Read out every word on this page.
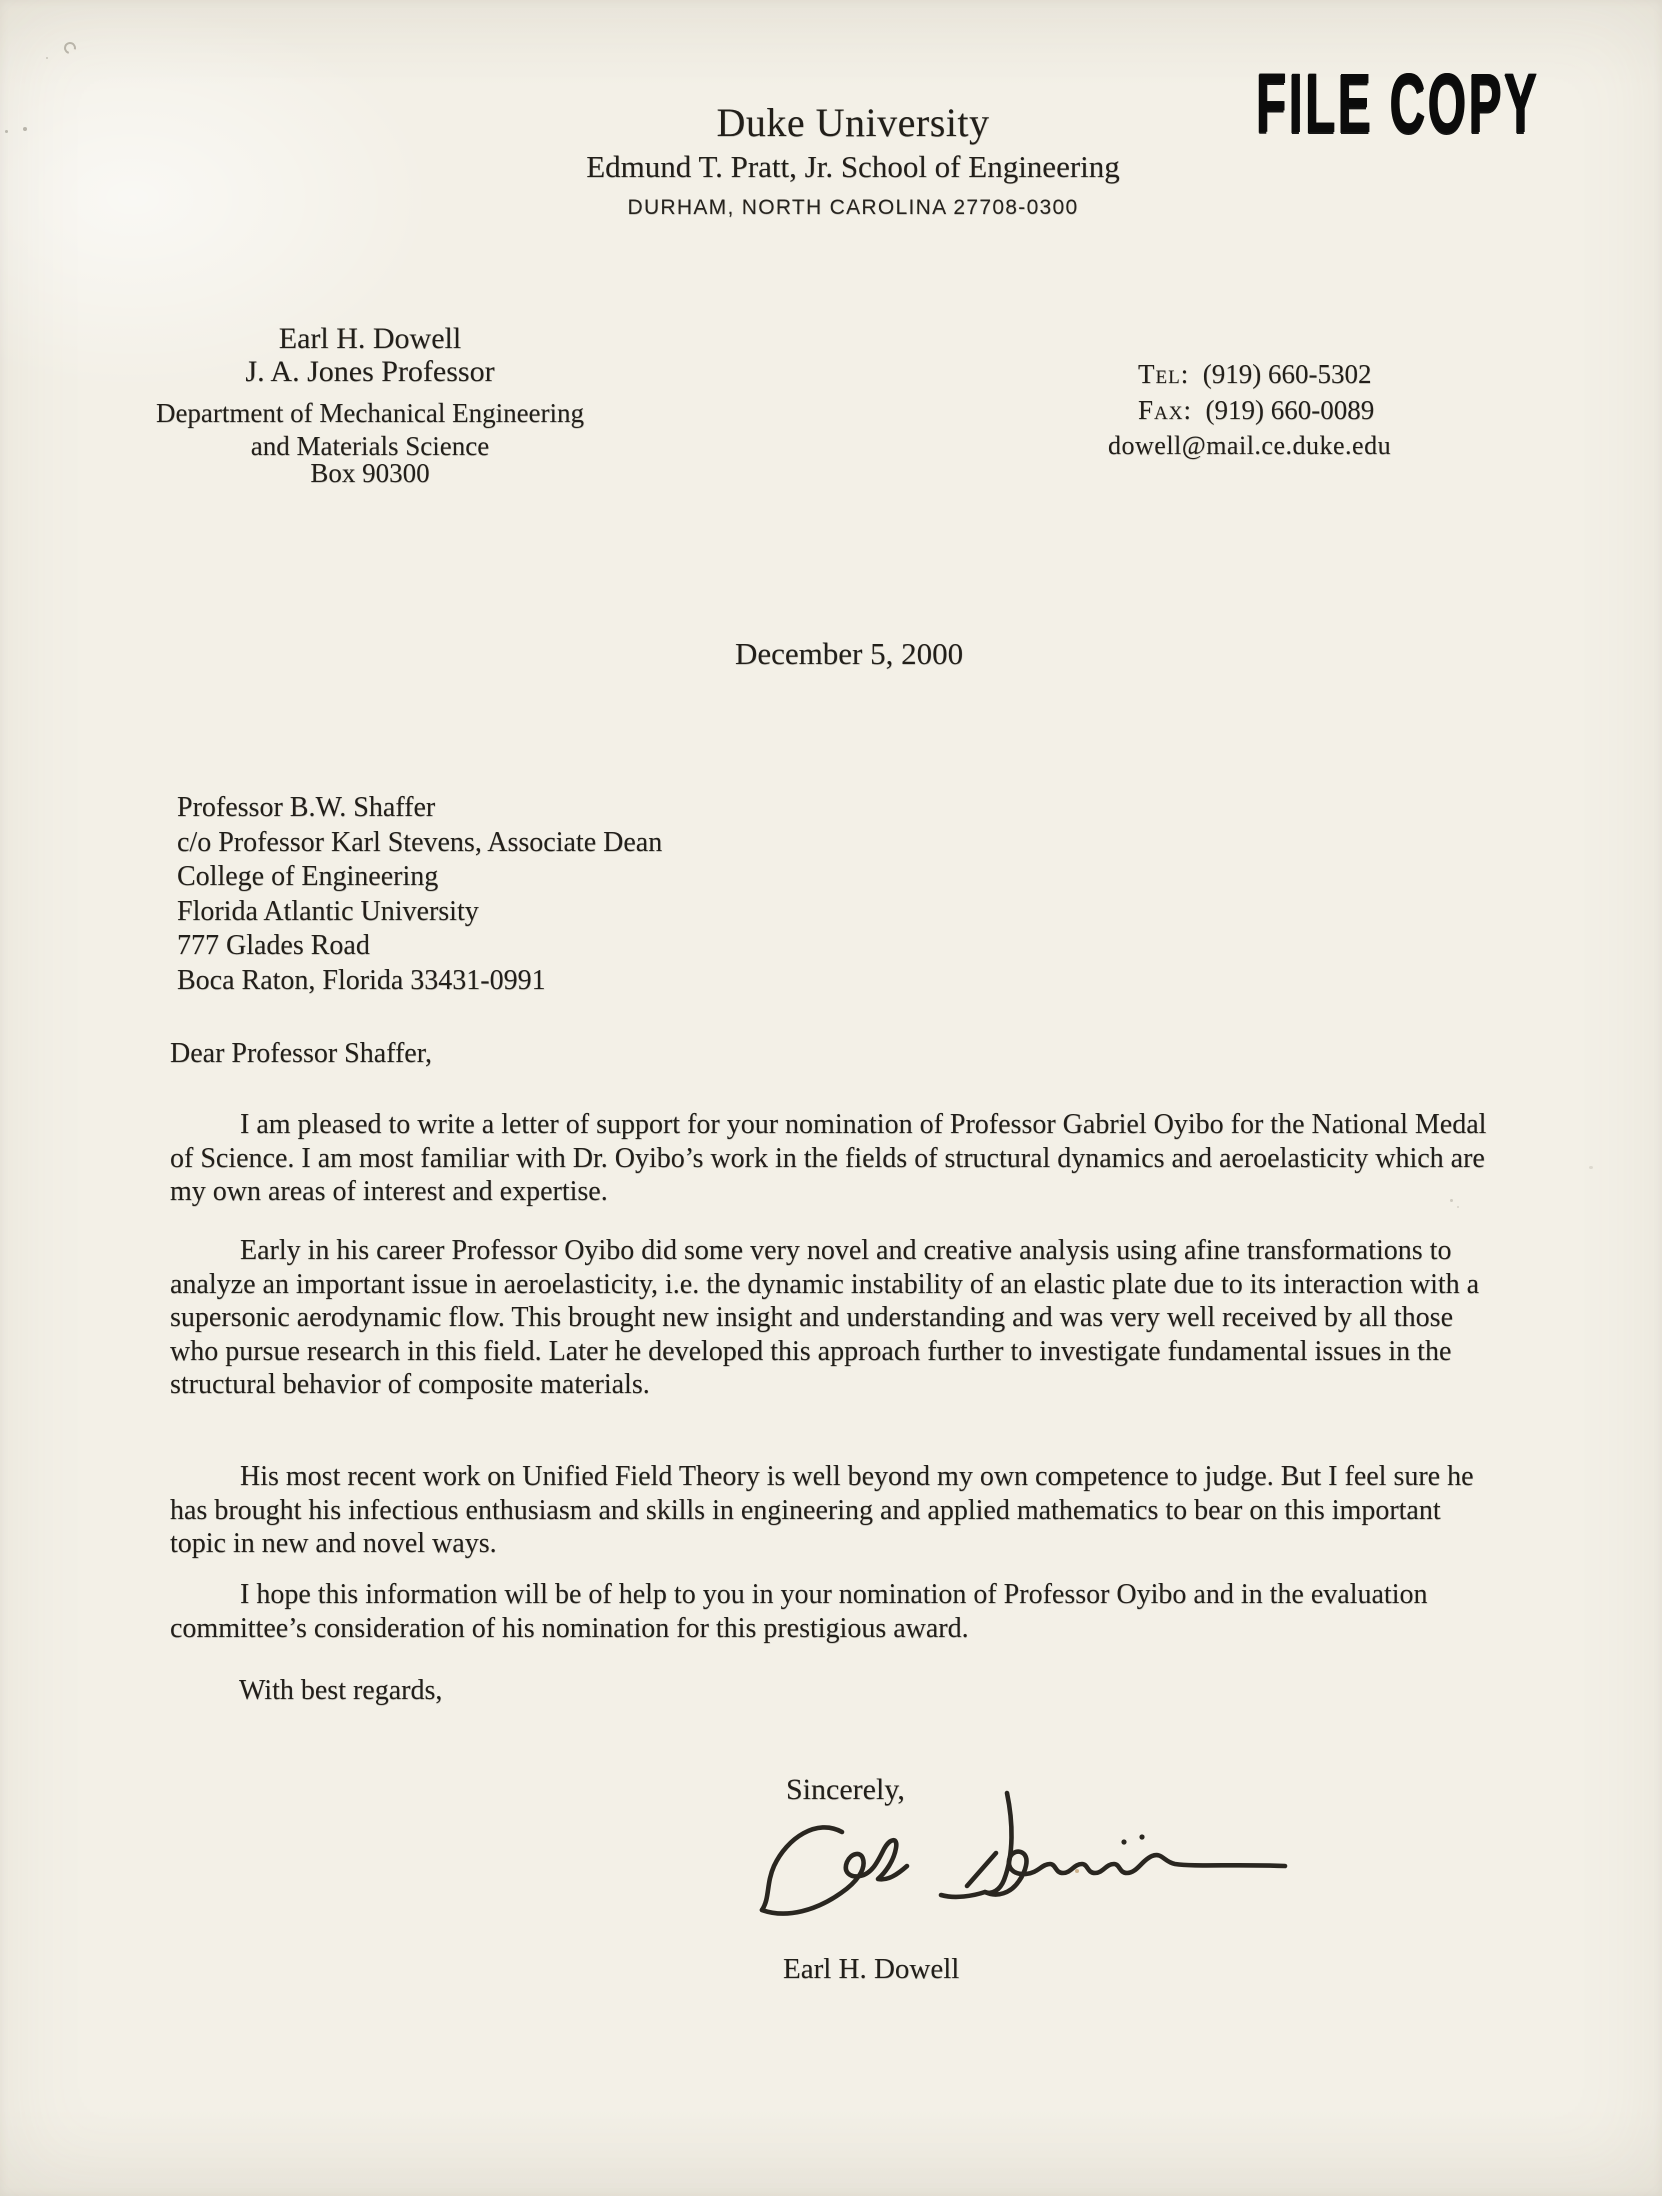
FILE COPY
Duke University
Edmund T. Pratt, Jr. School of Engineering
DURHAM, NORTH CAROLINA 27708-0300
Earl H. Dowell
J. A. Jones Professor
Department of Mechanical Engineering
and Materials Science
Box 90300
Tel: (919) 660-5302
Fax: (919) 660-0089
dowell@mail.ce.duke.edu
December 5, 2000
Professor B.W. Shaffer
c/o Professor Karl Stevens, Associate Dean
College of Engineering
Florida Atlantic University
777 Glades Road
Boca Raton, Florida 33431-0991
Dear Professor Shaffer,

I am pleased to write a letter of support for your nomination of Professor Gabriel Oyibo for the National Medal of Science. I am most familiar with Dr. Oyibo’s work in the fields of structural dynamics and aeroelasticity which are my own areas of interest and expertise.

Early in his career Professor Oyibo did some very novel and creative analysis using afine transformations to analyze an important issue in aeroelasticity, i.e. the dynamic instability of an elastic plate due to its interaction with a supersonic aerodynamic flow. This brought new insight and understanding and was very well received by all those who pursue research in this field. Later he developed this approach further to investigate fundamental issues in the structural behavior of composite materials.

His most recent work on Unified Field Theory is well beyond my own competence to judge. But I feel sure he has brought his infectious enthusiasm and skills in engineering and applied mathematics to bear on this important topic in new and novel ways.

I hope this information will be of help to you in your nomination of Professor Oyibo and in the evaluation committee’s consideration of his nomination for this prestigious award.

With best regards,
Sincerely,
Earl H. Dowell
